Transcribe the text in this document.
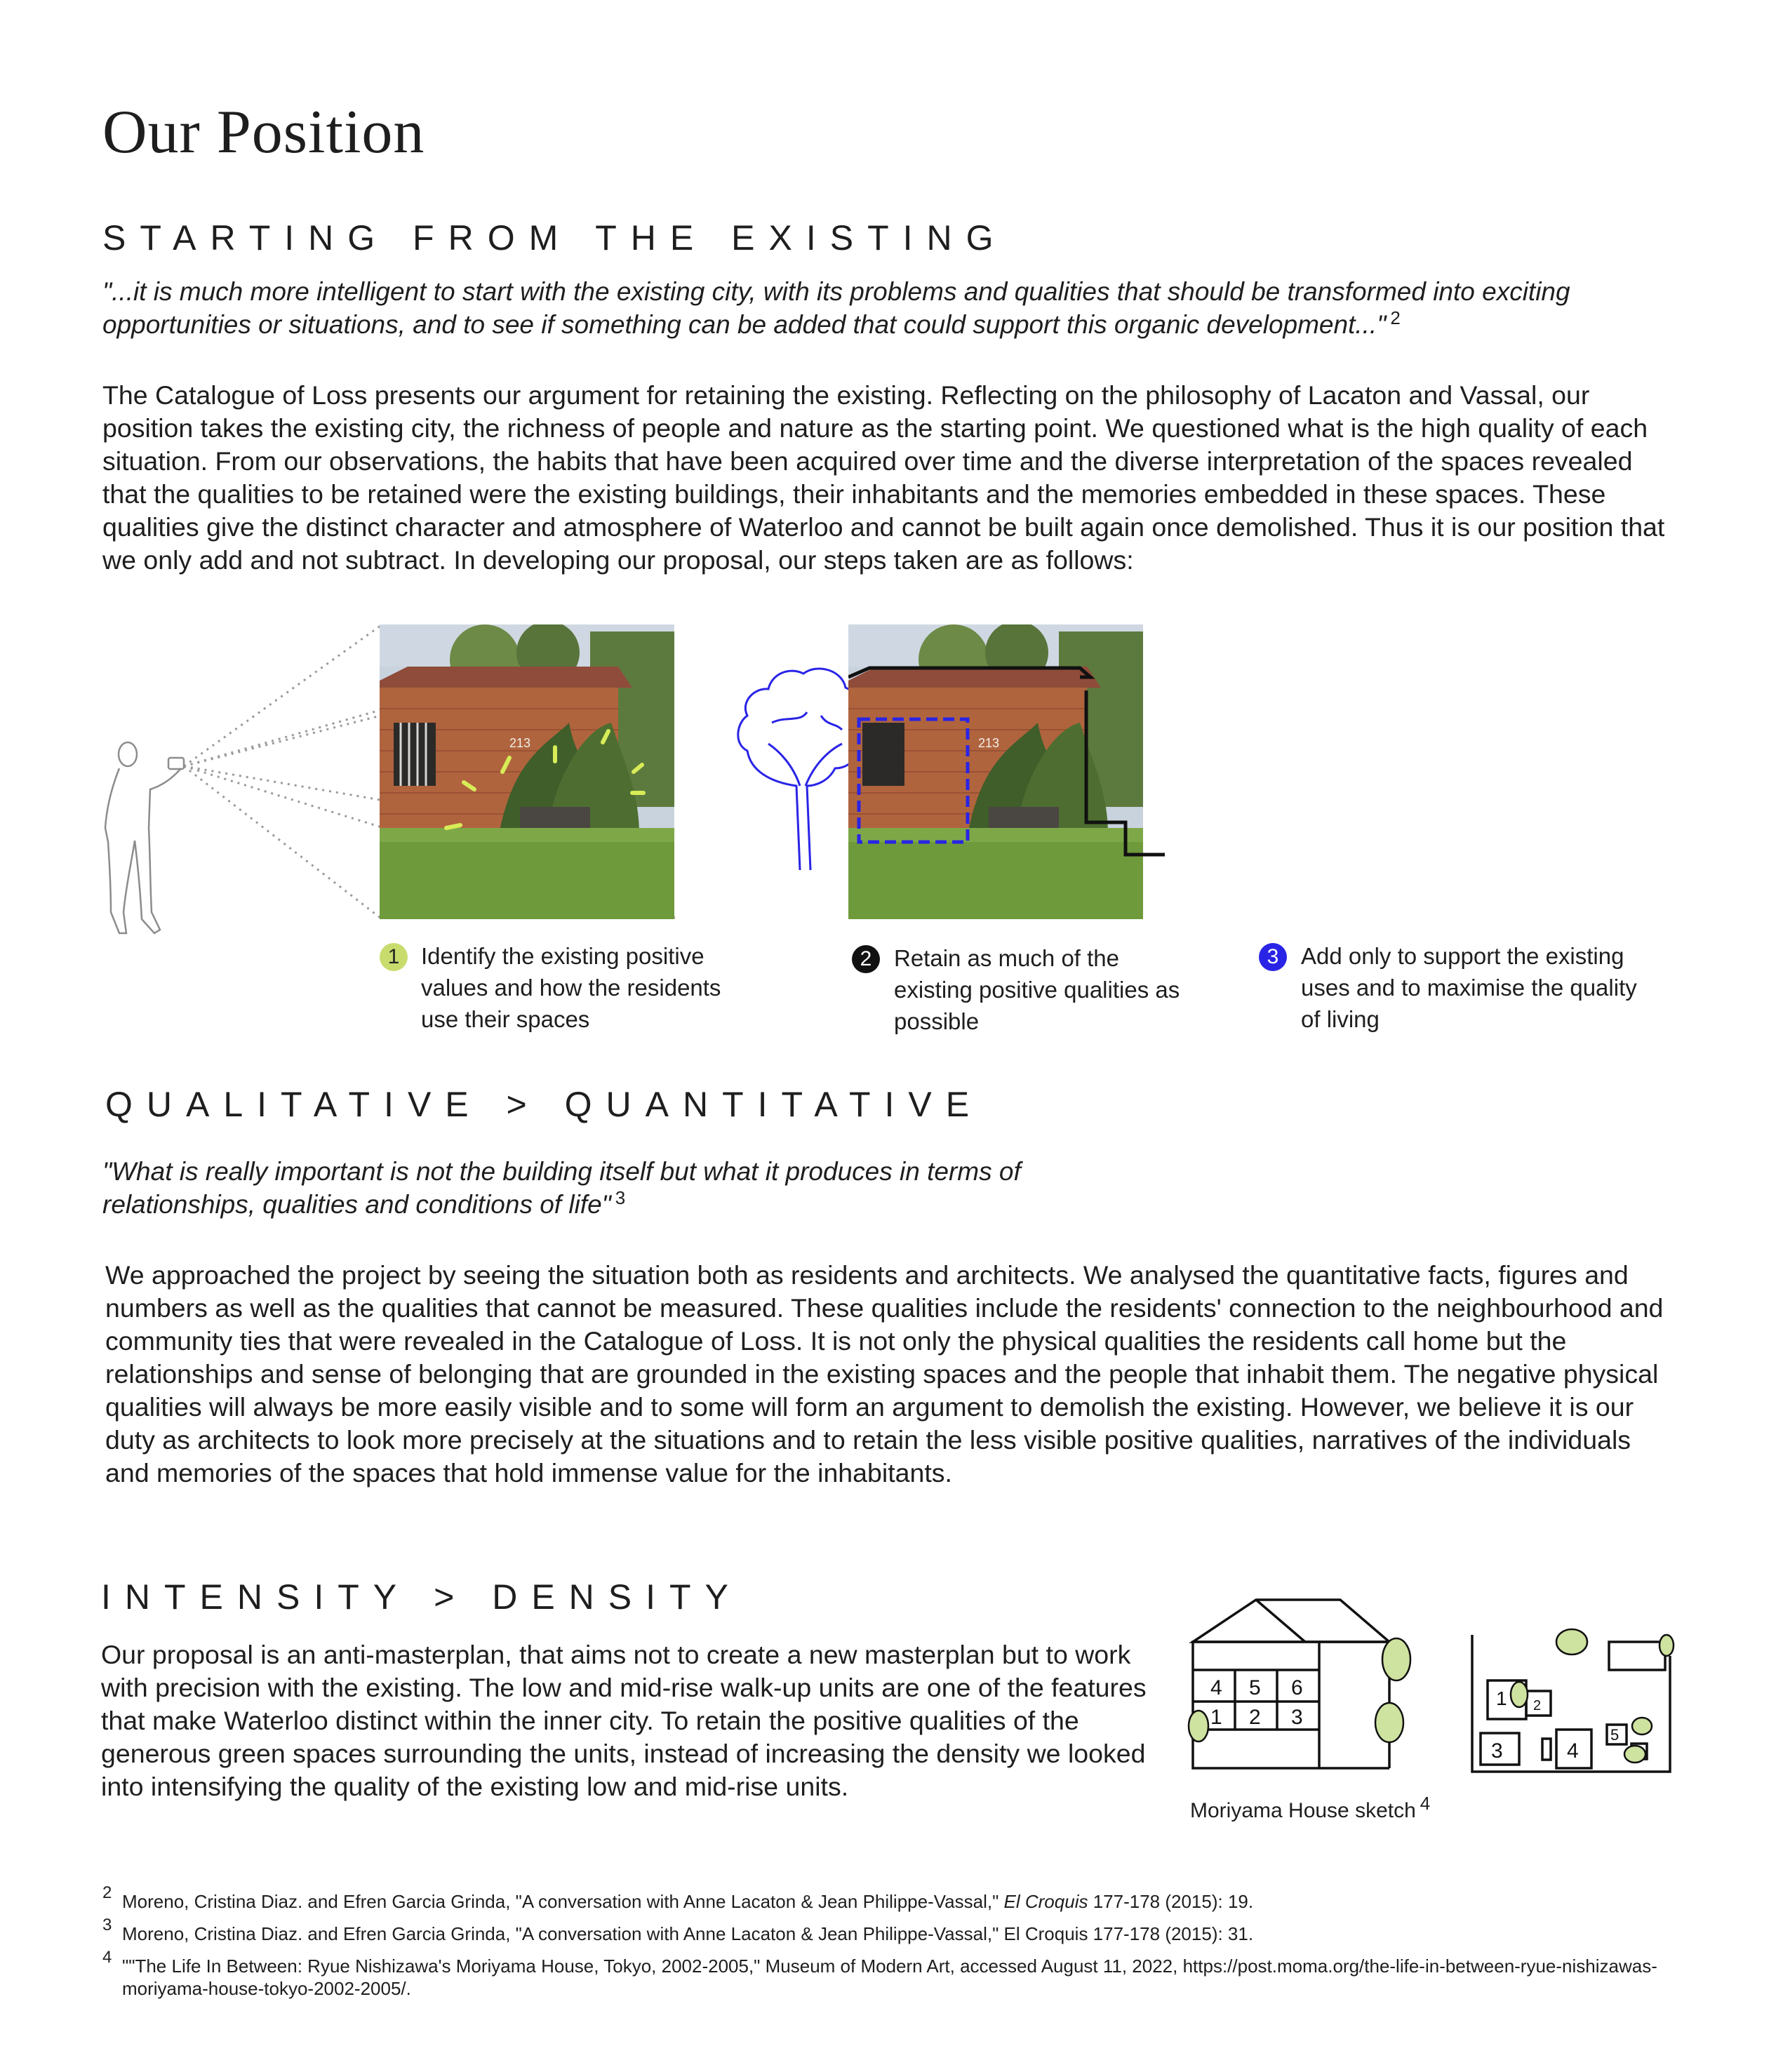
Our Position
STARTING FROM THE EXISTING

"...it is much more intelligent to start with the existing city, with its problems and qualities that should be transformed into exciting opportunities or situations, and to see if something can be added that could support this organic development..." $^2$

The Catalogue of Loss presents our argument for retaining the existing. Reflecting on the philosophy of Lacaton and Vassal, our position takes the existing city, the richness of people and nature as the starting point. We questioned what is the high quality of each situation. From our observations, the habits that have been acquired over time and the diverse interpretation of the spaces revealed that the qualities to be retained were the existing buildings, their inhabitants and the memories embedded in these spaces. These qualities give the distinct character and atmosphere of Waterloo and cannot be built again once demolished. Thus it is our position that we only add and not subtract. In developing our proposal, our steps taken are as follows:

213	213
1 Identify the existing positive values and how the residents use their spaces
2 Retain as much of the existing positive qualities as possible
3 Add only to support the existing uses and to maximise the quality of living
QUALITATIVE > QUANTITATIVE

"What is really important is not the building itself but what it produces in terms of relationships, qualities and conditions of life" $^3$

We approached the project by seeing the situation both as residents and architects. We analysed the quantitative facts, figures and numbers as well as the qualities that cannot be measured. These qualities include the residents' connection to the neighbourhood and community ties that were revealed in the Catalogue of Loss. It is not only the physical qualities the residents call home but the relationships and sense of belonging that are grounded in the existing spaces and the people that inhabit them. The negative physical qualities will always be more easily visible and to some will form an argument to demolish the existing. However, we believe it is our duty as architects to look more precisely at the situations and to retain the less visible positive qualities, narratives of the individuals and memories of the spaces that hold immense value for the inhabitants.

INTENSITY > DENSITY

Our proposal is an anti-masterplan, that aims not to create a new masterplan but to work with precision with the existing. The low and mid-rise walk-up units are one of the features that make Waterloo distinct within the inner city. To retain the positive qualities of the generous green spaces surrounding the units, instead of increasing the density we looked into intensifying the quality of the existing low and mid-rise units.

4 5 6
1 2 3
1 2
3	4
5
Moriyama House sketch $^4$
2 Moreno, Cristina Diaz. and Efren Garcia Grinda, "A conversation with Anne Lacaton & Jean Philippe-Vassal," El Croquis 177-178 (2015): 19.
3 Moreno, Cristina Diaz. and Efren Garcia Grinda, "A conversation with Anne Lacaton & Jean Philippe-Vassal," El Croquis 177-178 (2015): 31.
4 ""The Life In Between: Ryue Nishizawa's Moriyama House, Tokyo, 2002-2005," Museum of Modern Art, accessed August 11, 2022, https://post.moma.org/the-life-in-between-ryue-nishizawas-moriyama-house-tokyo-2002-2005/.
